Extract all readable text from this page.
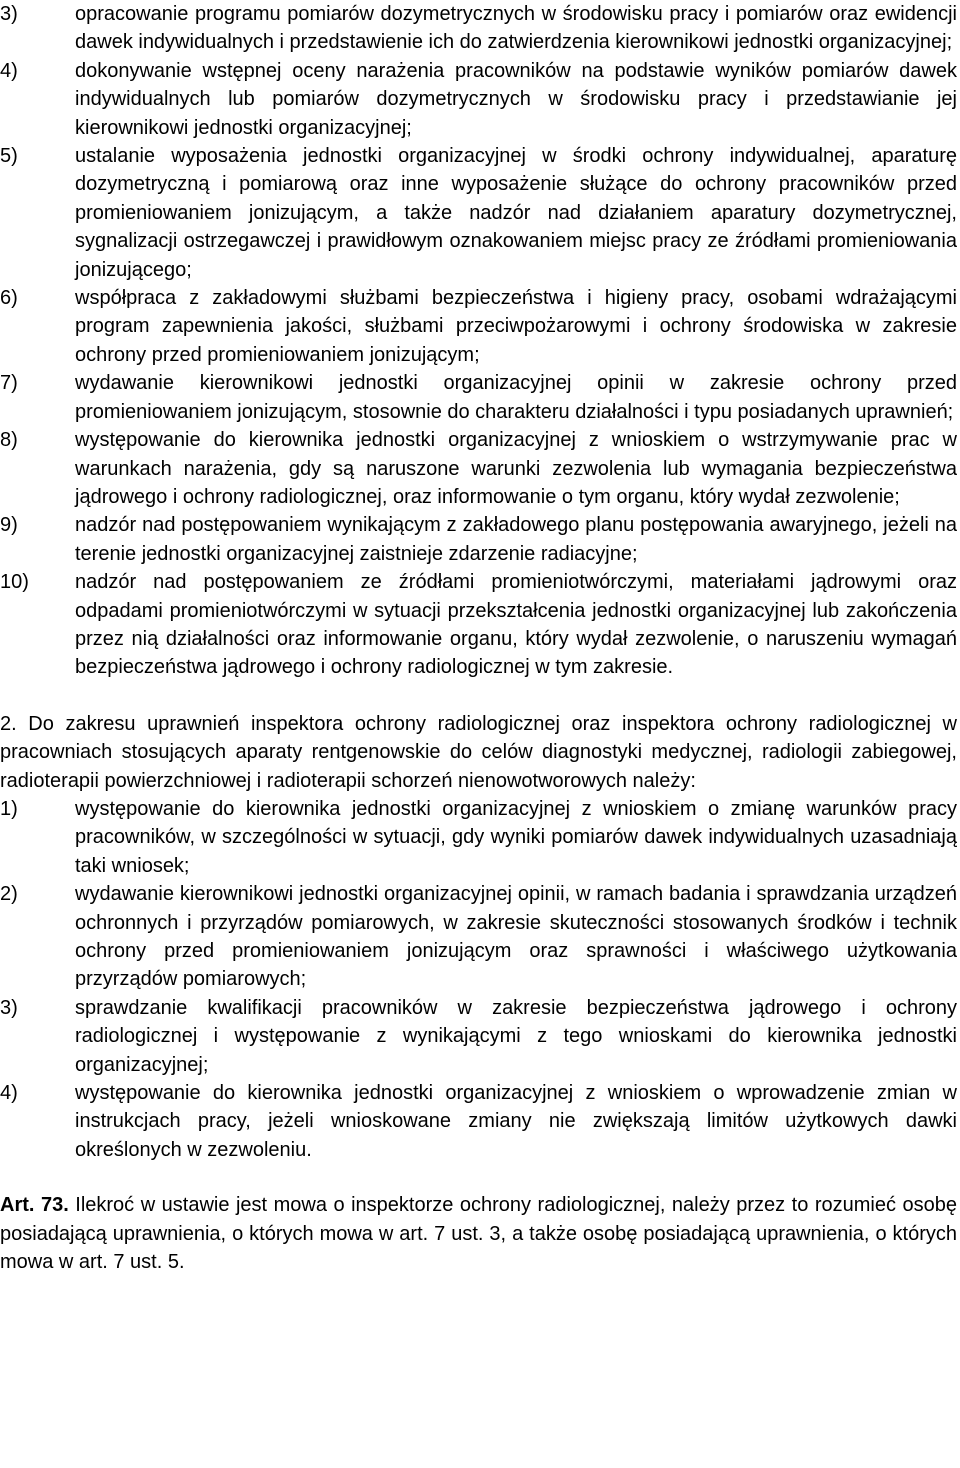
3)	opracowanie programu pomiarów dozymetrycznych w środowisku pracy i pomiarów oraz ewidencji dawek indywidualnych i przedstawienie ich do zatwierdzenia kierownikowi jednostki organizacyjnej;
4)	dokonywanie wstępnej oceny narażenia pracowników na podstawie wyników pomiarów dawek indywidualnych lub pomiarów dozymetrycznych w środowisku pracy i przedstawianie jej kierownikowi jednostki organizacyjnej;
5)	ustalanie wyposażenia jednostki organizacyjnej w środki ochrony indywidualnej, aparaturę dozymetryczną i pomiarową oraz inne wyposażenie służące do ochrony pracowników przed promieniowaniem jonizującym, a także nadzór nad działaniem aparatury dozymetrycznej, sygnalizacji ostrzegawczej i prawidłowym oznakowaniem miejsc pracy ze źródłami promieniowania jonizującego;
6)	współpraca z zakładowymi służbami bezpieczeństwa i higieny pracy, osobami wdrażającymi program zapewnienia jakości, służbami przeciwpożarowymi i ochrony środowiska w zakresie ochrony przed promieniowaniem jonizującym;
7)	wydawanie kierownikowi jednostki organizacyjnej opinii w zakresie ochrony przed promieniowaniem jonizującym, stosownie do charakteru działalności i typu posiadanych uprawnień;
8)	występowanie do kierownika jednostki organizacyjnej z wnioskiem o wstrzymywanie prac w warunkach narażenia, gdy są naruszone warunki zezwolenia lub wymagania bezpieczeństwa jądrowego i ochrony radiologicznej, oraz informowanie o tym organu, który wydał zezwolenie;
9)	nadzór nad postępowaniem wynikającym z zakładowego planu postępowania awaryjnego, jeżeli na terenie jednostki organizacyjnej zaistnieje zdarzenie radiacyjne;
10)	nadzór nad postępowaniem ze źródłami promieniotwórczymi, materiałami jądrowymi oraz odpadami promieniotwórczymi w sytuacji przekształcenia jednostki organizacyjnej lub zakończenia przez nią działalności oraz informowanie organu, który wydał zezwolenie, o naruszeniu wymagań bezpieczeństwa jądrowego i ochrony radiologicznej w tym zakresie.

2. Do zakresu uprawnień inspektora ochrony radiologicznej oraz inspektora ochrony radiologicznej w pracowniach stosujących aparaty rentgenowskie do celów diagnostyki medycznej, radiologii zabiegowej, radioterapii powierzchniowej i radioterapii schorzeń nienowotworowych należy:

1)	występowanie do kierownika jednostki organizacyjnej z wnioskiem o zmianę warunków pracy pracowników, w szczególności w sytuacji, gdy wyniki pomiarów dawek indywidualnych uzasadniają taki wniosek;
2)	wydawanie kierownikowi jednostki organizacyjnej opinii, w ramach badania i sprawdzania urządzeń ochronnych i przyrządów pomiarowych, w zakresie skuteczności stosowanych środków i technik ochrony przed promieniowaniem jonizującym oraz sprawności i właściwego użytkowania przyrządów pomiarowych;
3)	sprawdzanie kwalifikacji pracowników w zakresie bezpieczeństwa jądrowego i ochrony radiologicznej i występowanie z wynikającymi z tego wnioskami do kierownika jednostki organizacyjnej;
4)	występowanie do kierownika jednostki organizacyjnej z wnioskiem o wprowadzenie zmian w instrukcjach pracy, jeżeli wnioskowane zmiany nie zwiększają limitów użytkowych dawki określonych w zezwoleniu.

Art. 73. Ilekroć w ustawie jest mowa o inspektorze ochrony radiologicznej, należy przez to rozumieć osobę posiadającą uprawnienia, o których mowa w art. 7 ust. 3, a także osobę posiadającą uprawnienia, o których mowa w art. 7 ust. 5.
